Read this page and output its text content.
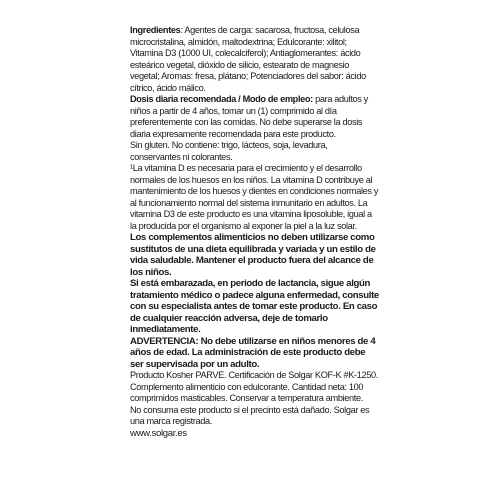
Ingredientes: Agentes de carga: sacarosa, fructosa, celulosa microcristalina, almidón, maltodextrina; Edulcorante: xilitol; Vitamina D3 (1000 UI, colecalciferol); Antiaglomerantes: ácido esteárico vegetal, dióxido de silicio, estearato de magnesio vegetal; Aromas: fresa, plátano; Potenciadores del sabor: ácido cítrico, ácido málico.

Dosis diaria recomendada / Modo de empleo: para adultos y niños a partir de 4 años, tomar un (1) comprimido al día preferentemente con las comidas. No debe superarse la dosis diaria expresamente recomendada para este producto.

Sin gluten. No contiene: trigo, lácteos, soja, levadura, conservantes ni colorantes.

¹La vitamina D es necesaria para el crecimiento y el desarrollo normales de los huesos en los niños. La vitamina D contribuye al mantenimiento de los huesos y dientes en condiciones normales y al funcionamiento normal del sistema inmunitario en adultos. La vitamina D3 de este producto es una vitamina liposoluble, igual a la producida por el organismo al exponer la piel a la luz solar.

Los complementos alimenticios no deben utilizarse como sustitutos de una dieta equilibrada y variada y un estilo de vida saludable. Mantener el producto fuera del alcance de los niños.

Si está embarazada, en periodo de lactancia, sigue algún tratamiento médico o padece alguna enfermedad, consulte con su especialista antes de tomar este producto. En caso de cualquier reacción adversa, deje de tomarlo inmediatamente.

ADVERTENCIA: No debe utilizarse en niños menores de 4 años de edad. La administración de este producto debe ser supervisada por un adulto.

Producto Kosher PARVE. Certificación de Solgar KOF-K #K-1250.

Complemento alimenticio con edulcorante. Cantidad neta: 100 comprimidos masticables. Conservar a temperatura ambiente.

No consuma este producto si el precinto está dañado. Solgar es una marca registrada.

www.solgar.es
